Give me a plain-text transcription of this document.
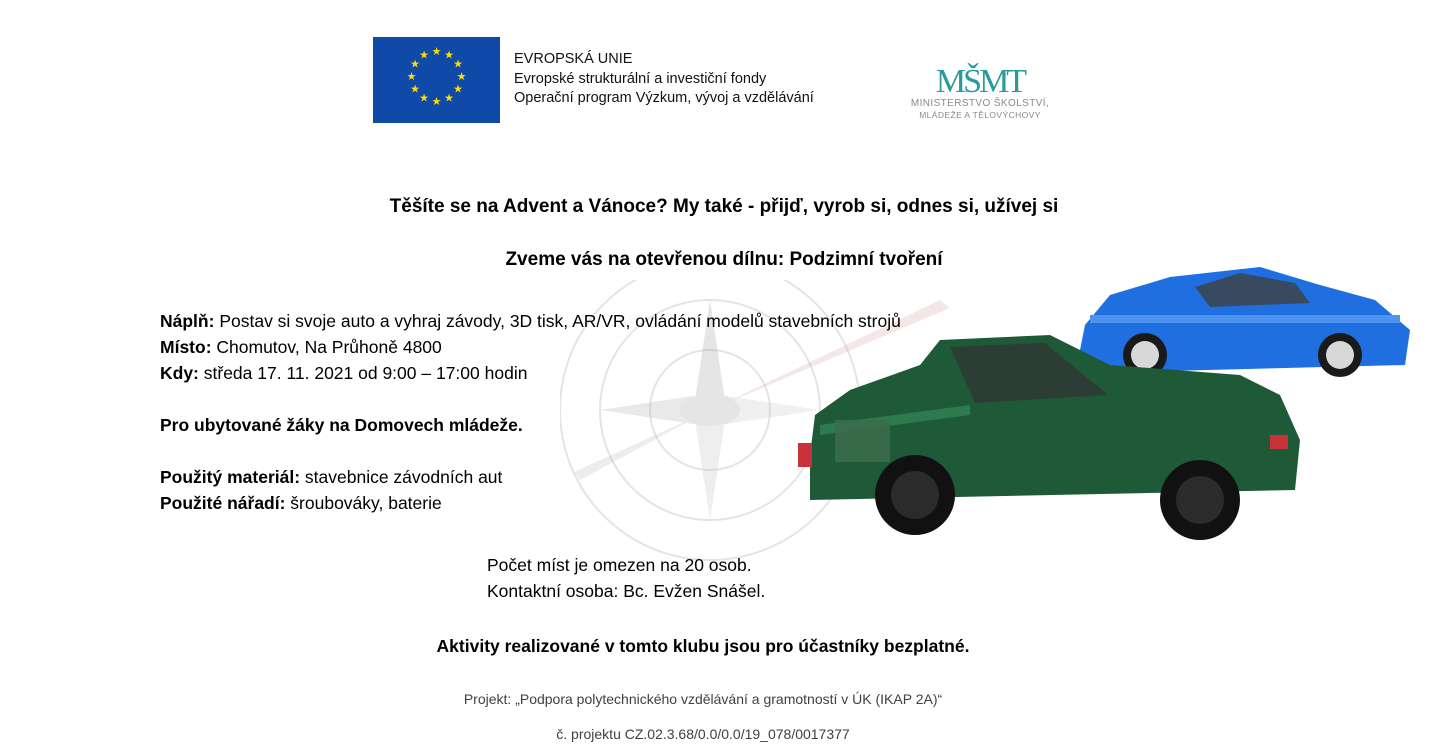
★ ★
★
★
★
★
★
★
★
★
★
★	EVROPSKÁ UNIE
Evropské strukturální a investiční fondy
Operační program Výzkum, vývoj a vzdělávání	MŠMT
MINISTERSTVO ŠKOLSTVÍ,
MLÁDEŽE A TĚLOVÝCHOVY
Těšíte se na Advent a Vánoce? My také - přijď, vyrob si, odnes si, užívej si
Zveme vás na otevřenou dílnu: Podzimní tvoření
Náplň: Postav si svoje auto a vyhraj závody, 3D tisk, AR/VR, ovládání modelů stavebních strojů
Místo: Chomutov, Na Průhoně 4800
Kdy: středa 17. 11. 2021 od 9:00 – 17:00 hodin
Pro ubytované žáky na Domovech mládeže.
Použitý materiál: stavebnice závodních aut
Použité nářadí: šroubováky, baterie
Počet míst je omezen na 20 osob.
Kontaktní osoba: Bc. Evžen Snášel.
Aktivity realizované v tomto klubu jsou pro účastníky bezplatné.
Projekt: „Podpora polytechnického vzdělávání a gramotností v ÚK (IKAP 2A)“
č. projektu CZ.02.3.68/0.0/0.0/19_078/0017377
